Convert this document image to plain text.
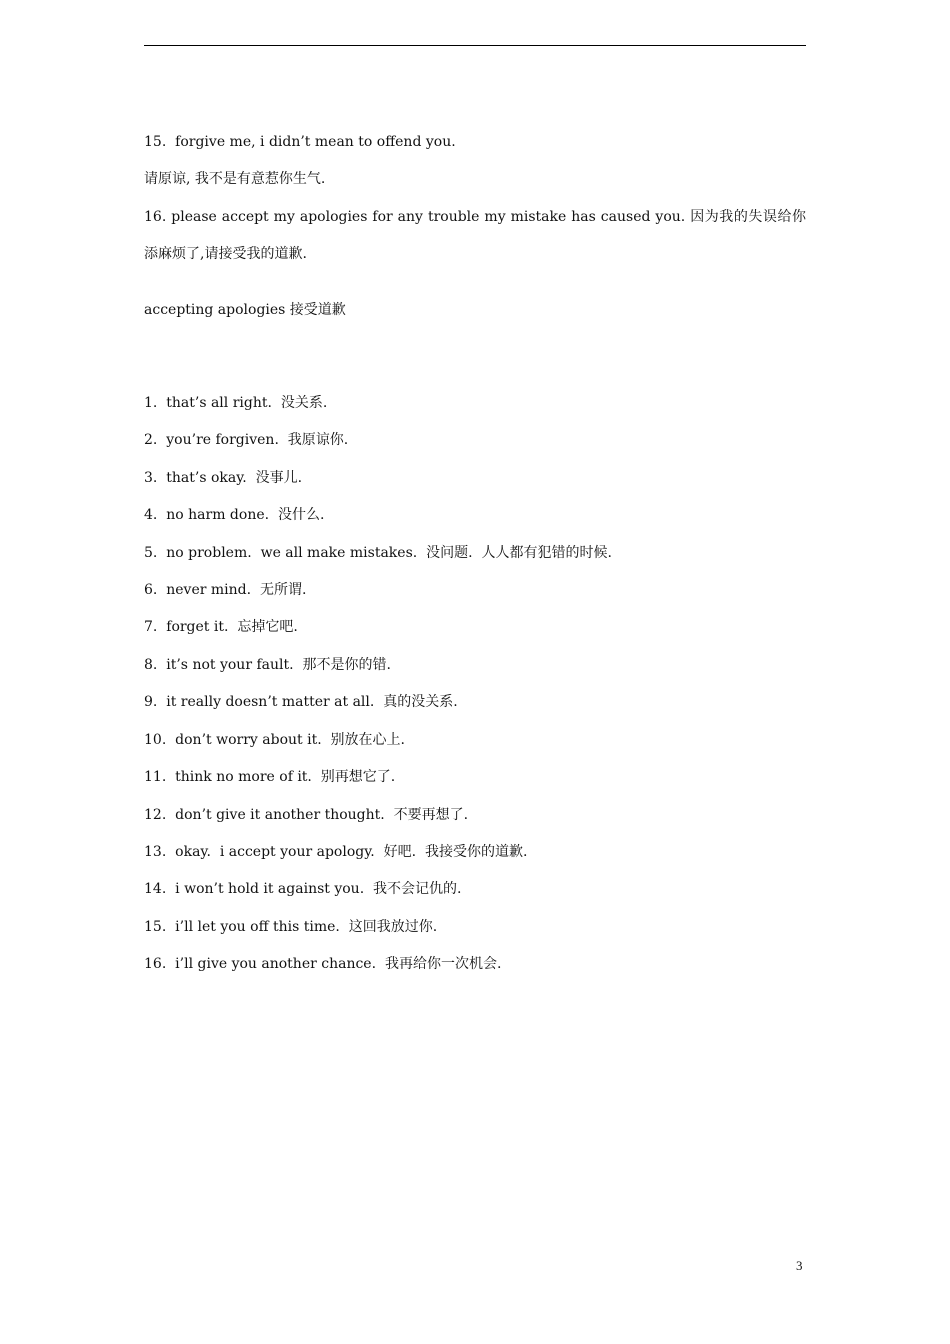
15.  forgive me, i didn’t mean to offend you.

请原谅, 我不是有意惹你生气.

16. please accept my apologies for any trouble my mistake has caused you. 因为我的失误给你添麻烦了,请接受我的道歉.

accepting apologies 接受道歉

1.  that’s all right.  没关系.

2.  you’re forgiven.  我原谅你.

3.  that’s okay.  没事儿.

4.  no harm done.  没什么.

5.  no problem.  we all make mistakes.  没问题.  人人都有犯错的时候.

6.  never mind.  无所谓.

7.  forget it.  忘掉它吧.

8.  it’s not your fault.  那不是你的错.

9.  it really doesn’t matter at all.  真的没关系.

10.  don’t worry about it.  别放在心上.

11.  think no more of it.  别再想它了.

12.  don’t give it another thought.  不要再想了.

13.  okay.  i accept your apology.  好吧.  我接受你的道歉.

14.  i won’t hold it against you.  我不会记仇的.

15.  i’ll let you off this time.  这回我放过你.

16.  i’ll give you another chance.  我再给你一次机会.

3
